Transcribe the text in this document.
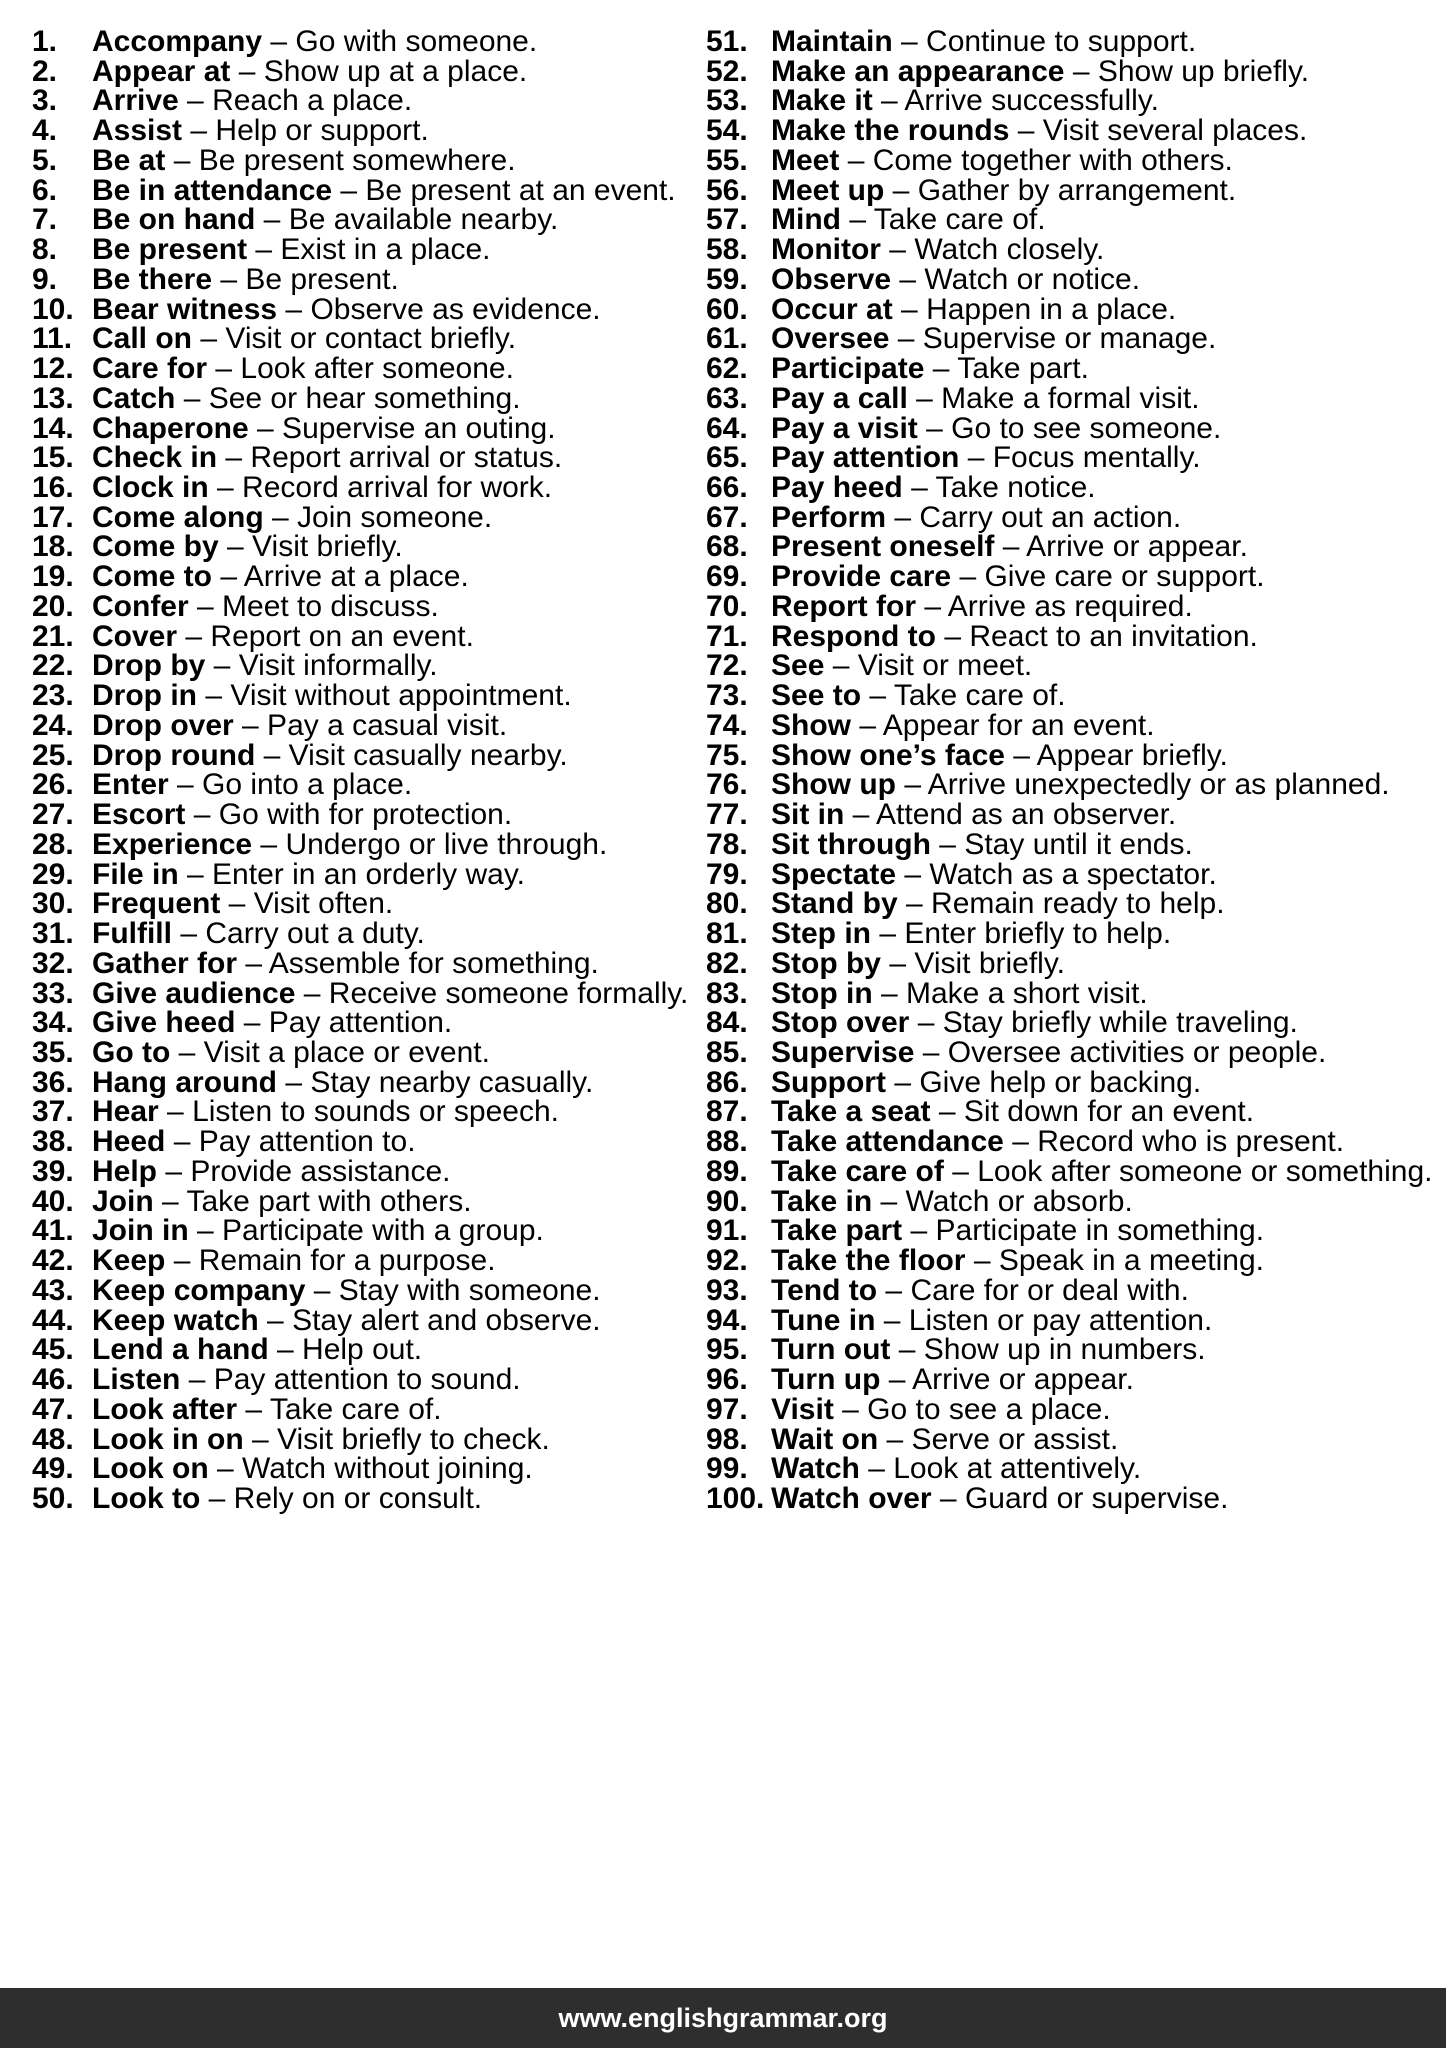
1.	Accompany – Go with someone.
2.	Appear at – Show up at a place.
3.	Arrive – Reach a place.
4.	Assist – Help or support.
5.	Be at – Be present somewhere.
6.	Be in attendance – Be present at an event.
7.	Be on hand – Be available nearby.
8.	Be present – Exist in a place.
9.	Be there – Be present.
10. Bear witness – Observe as evidence.
11. Call on – Visit or contact briefly.
12. Care for – Look after someone.
13. Catch – See or hear something.
14. Chaperone – Supervise an outing.
15. Check in – Report arrival or status.
16. Clock in – Record arrival for work.
17. Come along – Join someone.
18. Come by – Visit briefly.
19. Come to – Arrive at a place.
20. Confer – Meet to discuss.
21. Cover – Report on an event.
22. Drop by – Visit informally.
23. Drop in – Visit without appointment.
24. Drop over – Pay a casual visit.
25. Drop round – Visit casually nearby.
26. Enter – Go into a place.
27. Escort – Go with for protection.
28. Experience – Undergo or live through.
29. File in – Enter in an orderly way.
30. Frequent – Visit often.
31. Fulfill – Carry out a duty.
32. Gather for – Assemble for something.
33. Give audience – Receive someone formally.
34. Give heed – Pay attention.
35. Go to – Visit a place or event.
36. Hang around – Stay nearby casually.
37. Hear – Listen to sounds or speech.
38. Heed – Pay attention to.
39. Help – Provide assistance.
40. Join – Take part with others.
41. Join in – Participate with a group.
42. Keep – Remain for a purpose.
43. Keep company – Stay with someone.
44. Keep watch – Stay alert and observe.
45. Lend a hand – Help out.
46. Listen – Pay attention to sound.
47. Look after – Take care of.
48. Look in on – Visit briefly to check.
49. Look on – Watch without joining.
50. Look to – Rely on or consult.
51. Maintain – Continue to support.
52. Make an appearance – Show up briefly.
53. Make it – Arrive successfully.
54. Make the rounds – Visit several places.
55. Meet – Come together with others.
56. Meet up – Gather by arrangement.
57. Mind – Take care of.
58. Monitor – Watch closely.
59. Observe – Watch or notice.
60. Occur at – Happen in a place.
61. Oversee – Supervise or manage.
62. Participate – Take part.
63. Pay a call – Make a formal visit.
64. Pay a visit – Go to see someone.
65. Pay attention – Focus mentally.
66. Pay heed – Take notice.
67. Perform – Carry out an action.
68. Present oneself – Arrive or appear.
69. Provide care – Give care or support.
70. Report for – Arrive as required.
71. Respond to – React to an invitation.
72. See – Visit or meet.
73. See to – Take care of.
74. Show – Appear for an event.
75. Show one’s face – Appear briefly.
76. Show up – Arrive unexpectedly or as planned.
77. Sit in – Attend as an observer.
78. Sit through – Stay until it ends.
79. Spectate – Watch as a spectator.
80. Stand by – Remain ready to help.
81. Step in – Enter briefly to help.
82. Stop by – Visit briefly.
83. Stop in – Make a short visit.
84. Stop over – Stay briefly while traveling.
85. Supervise – Oversee activities or people.
86. Support – Give help or backing.
87. Take a seat – Sit down for an event.
88. Take attendance – Record who is present.
89. Take care of – Look after someone or something.
90. Take in – Watch or absorb.
91. Take part – Participate in something.
92. Take the floor – Speak in a meeting.
93. Tend to – Care for or deal with.
94. Tune in – Listen or pay attention.
95. Turn out – Show up in numbers.
96. Turn up – Arrive or appear.
97. Visit – Go to see a place.
98. Wait on – Serve or assist.
99. Watch – Look at attentively.
100. Watch over – Guard or supervise.
www.englishgrammar.org
